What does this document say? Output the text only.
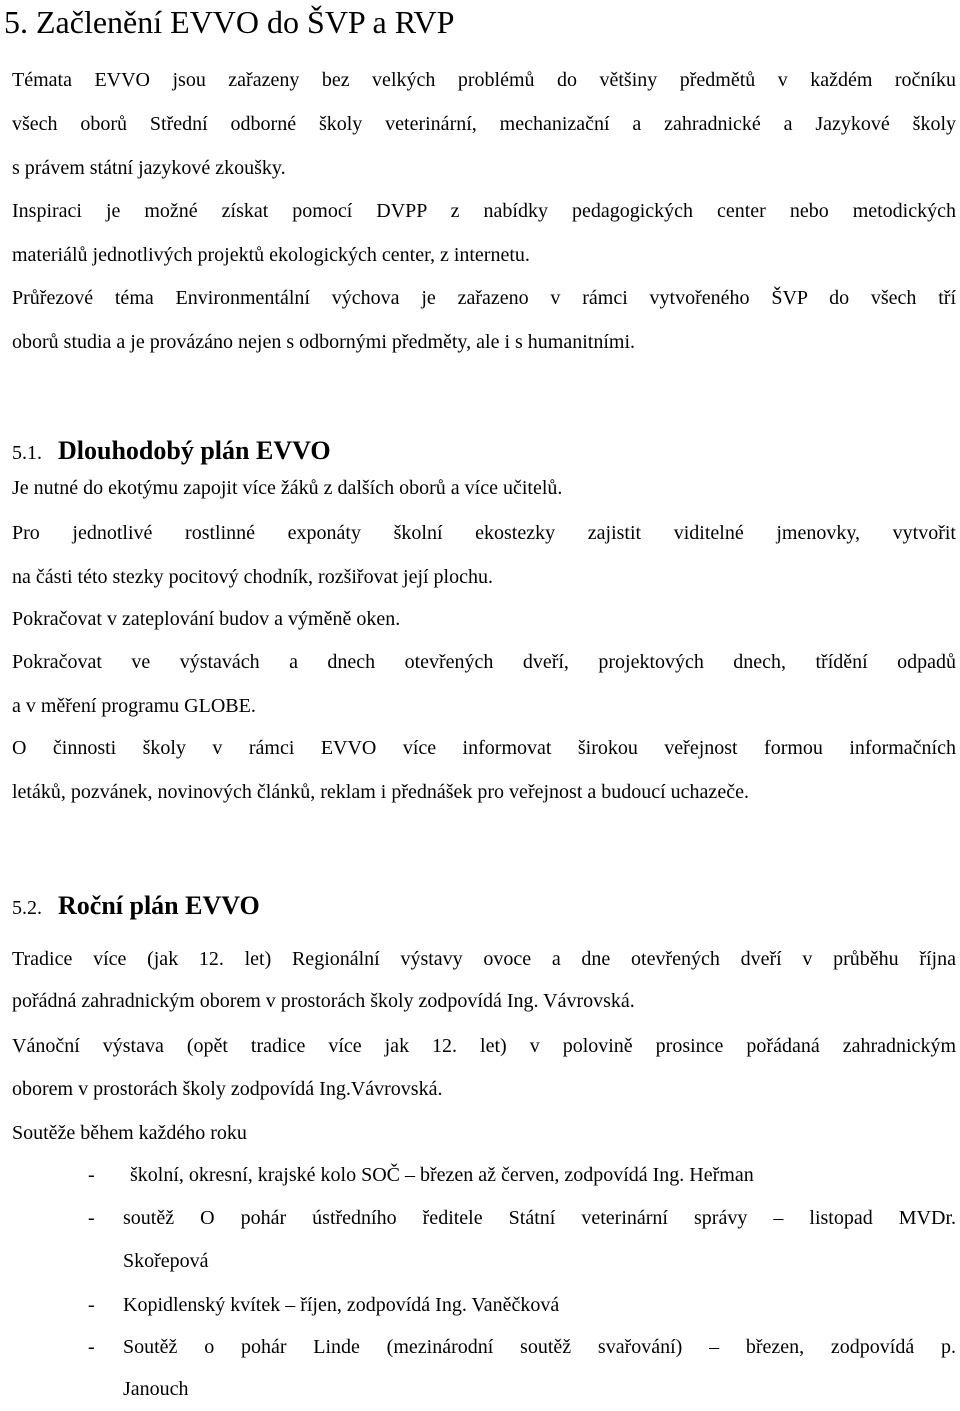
5. Začlenění EVVO do ŠVP a RVP
Témata EVVO jsou zařazeny bez velkých problémů do většiny předmětů v každém ročníku
všech oborů Střední odborné školy veterinární, mechanizační a zahradnické a Jazykové školy
s právem státní jazykové zkoušky.
Inspiraci je možné získat pomocí DVPP z nabídky pedagogických center nebo metodických
materiálů jednotlivých projektů ekologických center, z internetu.
Průřezové téma Environmentální výchova je zařazeno v rámci vytvořeného ŠVP do všech tří
oborů studia a je provázáno nejen s odbornými předměty, ale i s humanitními.
5.1. Dlouhodobý plán EVVO
Je nutné do ekotýmu zapojit více žáků z dalších oborů a více učitelů.
Pro jednotlivé rostlinné exponáty školní ekostezky zajistit viditelné jmenovky, vytvořit
na části této stezky pocitový chodník, rozšiřovat její plochu.
Pokračovat v zateplování budov a výměně oken.
Pokračovat ve výstavách a dnech otevřených dveří, projektových dnech, třídění odpadů
a v měření programu GLOBE.
O činnosti školy v rámci EVVO více informovat širokou veřejnost formou informačních
letáků, pozvánek, novinových článků, reklam i přednášek pro veřejnost a budoucí uchazeče.
5.2. Roční plán EVVO
Tradice více (jak 12. let) Regionální výstavy ovoce a dne otevřených dveří v průběhu října
pořádná zahradnickým oborem v prostorách školy zodpovídá Ing. Vávrovská.
Vánoční výstava (opět tradice více jak 12. let) v polovině prosince pořádaná zahradnickým
oborem v prostorách školy zodpovídá Ing.Vávrovská.
Soutěže během každého roku
- školní, okresní, krajské kolo SOČ – březen až červen, zodpovídá Ing. Heřman
- soutěž O pohár ústředního ředitele Státní veterinární správy – listopad MVDr.
Skořepová
- Kopidlenský kvítek – říjen, zodpovídá Ing. Vaněčková
- Soutěž o pohár Linde (mezinárodní soutěž svařování) – březen, zodpovídá p.
Janouch
